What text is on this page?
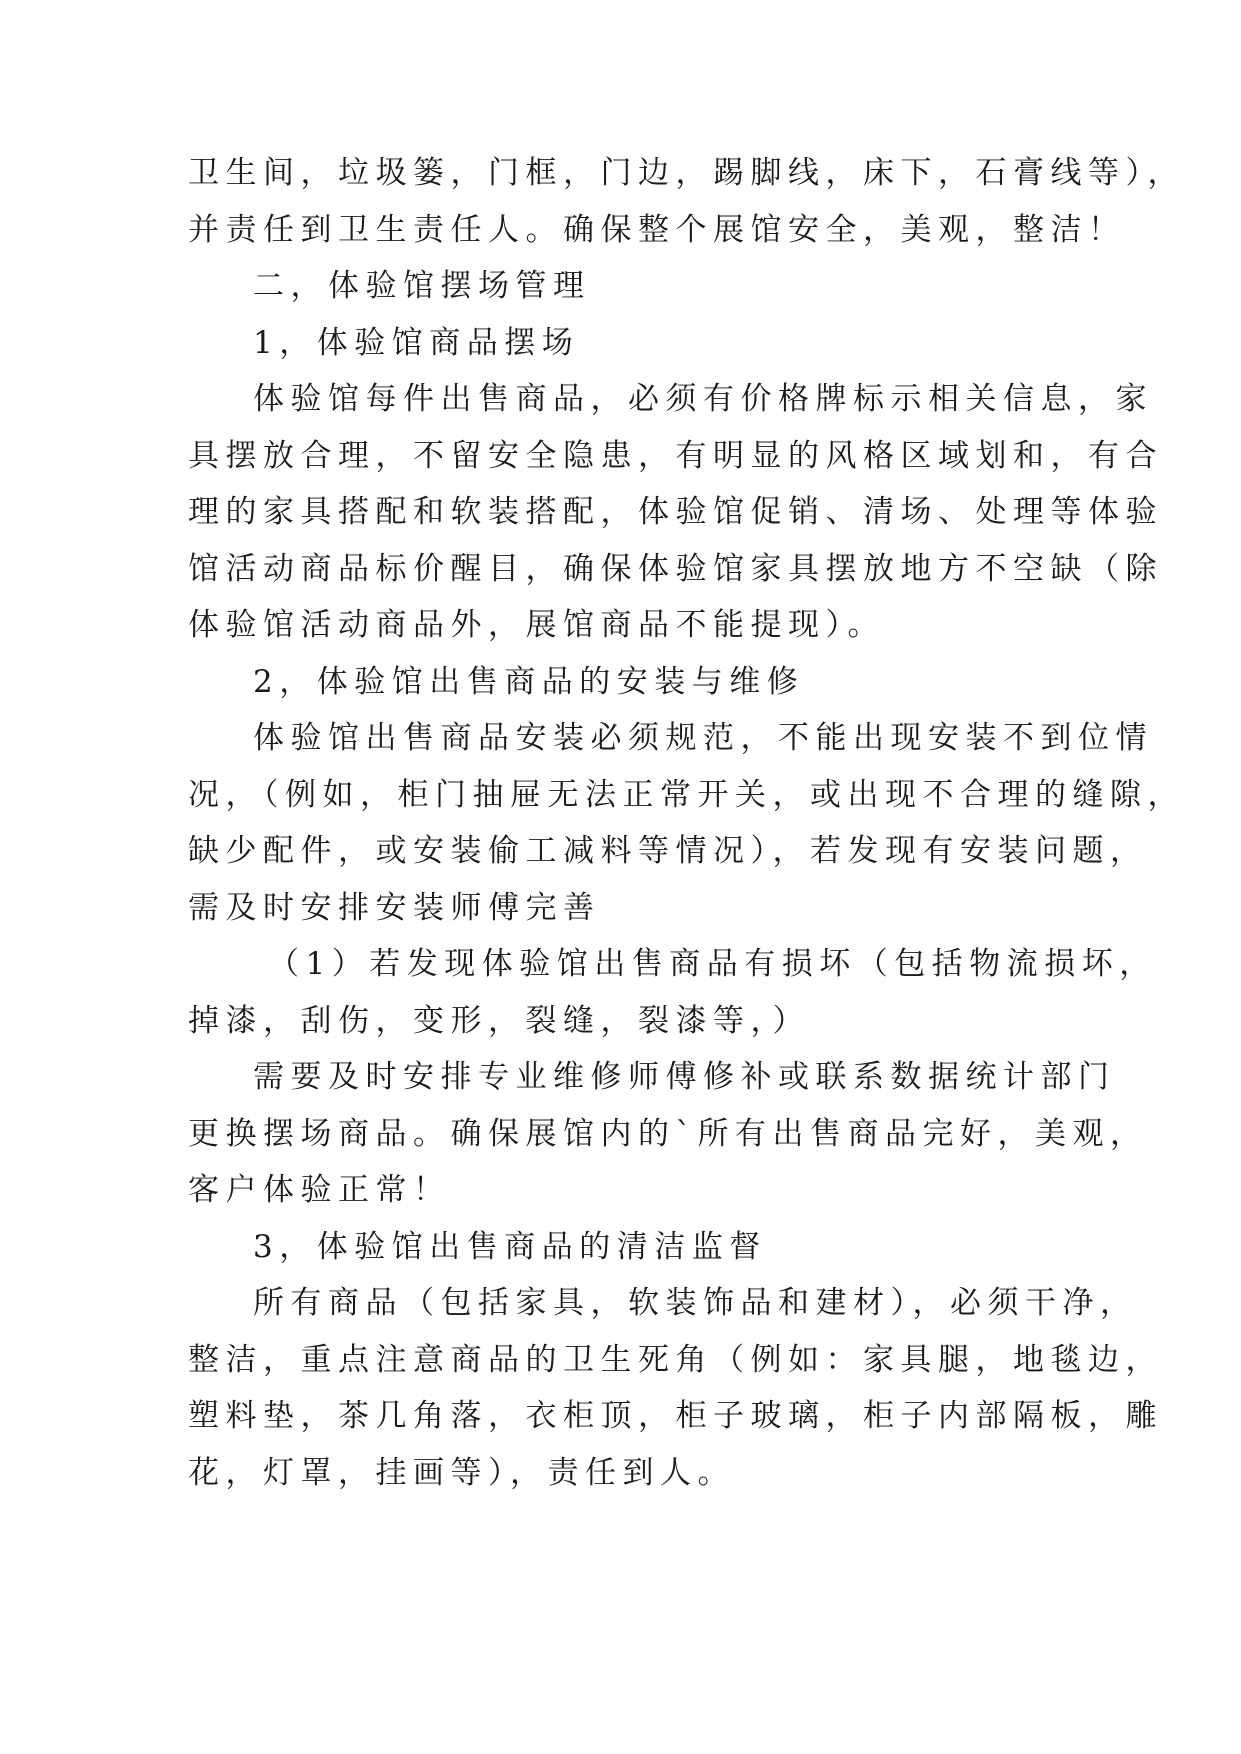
卫生间，垃圾篓，门框，门边，踢脚线，床下，石膏线等），

并责任到卫生责任人。确保整个展馆安全，美观，整洁！

二，体验馆摆场管理

1，体验馆商品摆场

体验馆每件出售商品，必须有价格牌标示相关信息，家

具摆放合理，不留安全隐患，有明显的风格区域划和，有合

理的家具搭配和软装搭配，体验馆促销、清场、处理等体验

馆活动商品标价醒目，确保体验馆家具摆放地方不空缺（除

体验馆活动商品外，展馆商品不能提现）。

2，体验馆出售商品的安装与维修

体验馆出售商品安装必须规范，不能出现安装不到位情

况，（例如，柜门抽屉无法正常开关，或出现不合理的缝隙，

缺少配件，或安装偷工减料等情况），若发现有安装问题，

需及时安排安装师傅完善

（1）若发现体验馆出售商品有损坏（包括物流损坏，

掉漆，刮伤，变形，裂缝，裂漆等，）

需要及时安排专业维修师傅修补或联系数据统计部门

更换摆场商品。确保展馆内的`所有出售商品完好，美观，

客户体验正常！

3，体验馆出售商品的清洁监督

所有商品（包括家具，软装饰品和建材），必须干净，

整洁，重点注意商品的卫生死角（例如：家具腿，地毯边，

塑料垫，茶几角落，衣柜顶，柜子玻璃，柜子内部隔板，雕

花，灯罩，挂画等），责任到人。
